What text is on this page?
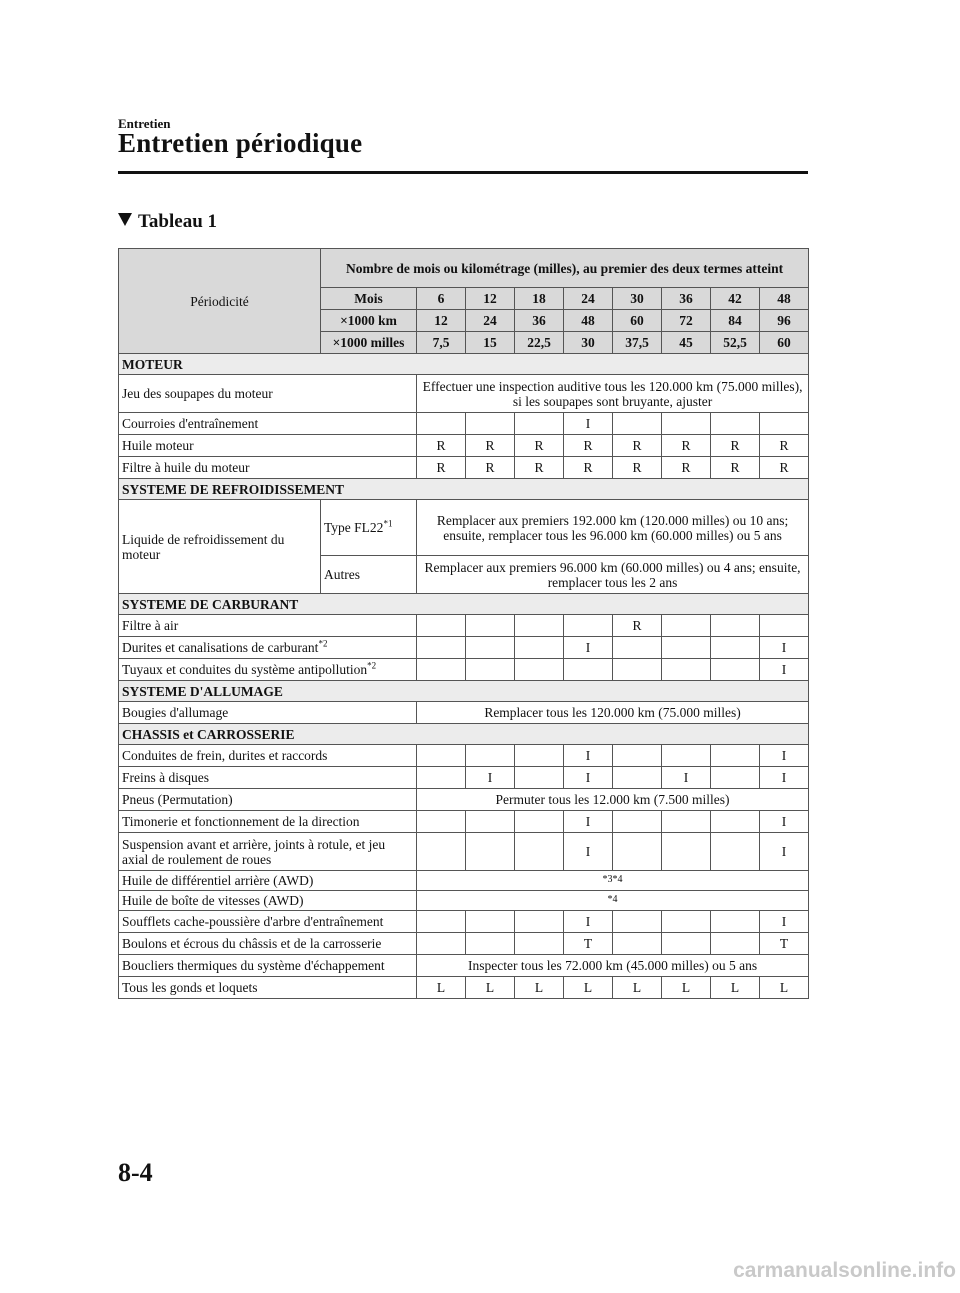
Entretien
Entretien périodique
Tableau 1
Périodicité	Nombre de mois ou kilométrage (milles), au premier des deux termes atteint								
	Mois	6	12	18	24	30	36	42	48
	×1000 km	12	24	36	48	60	72	84	96
	×1000 milles	7,5	15	22,5	30	37,5	45	52,5	60
MOTEUR									
Jeu des soupapes du moteur		Effectuer une inspection auditive tous les 120.000 km (75.000 milles), si les soupapes sont bruyante, ajuster							
Courroies d'entraînement					I				
Huile moteur		R	R	R	R	R	R	R	R
Filtre à huile du moteur		R	R	R	R	R	R	R	R
SYSTEME DE REFROIDISSEMENT									
Liquide de refroidissement du moteur	Type FL22$^{*1}$	Remplacer aux premiers 192.000 km (120.000 milles) ou 10 ans; ensuite, remplacer tous les 96.000 km (60.000 milles) ou 5 ans							
	Autres	Remplacer aux premiers 96.000 km (60.000 milles) ou 4 ans; ensuite, remplacer tous les 2 ans							
SYSTEME DE CARBURANT									
Filtre à air						R			
Durites et canalisations de carburant$^{*2}$					I				I
Tuyaux et conduites du système antipollution$^{*2}$									I
SYSTEME D'ALLUMAGE									
Bougies d'allumage		Remplacer tous les 120.000 km (75.000 milles)							
CHASSIS et CARROSSERIE									
Conduites de frein, durites et raccords					I				I
Freins à disques			I		I		I		I
Pneus (Permutation)		Permuter tous les 12.000 km (7.500 milles)							
Timonerie et fonctionnement de la direction					I				I
Suspension avant et arrière, joints à rotule, et jeu axial de roulement de roues					I				I
Huile de différentiel arrière (AWD)		*3*4							
Huile de boîte de vitesses (AWD)		*4							
Soufflets cache-poussière d'arbre d'entraînement					I				I
Boulons et écrous du châssis et de la carrosserie					T				T
Boucliers thermiques du système d'échappement		Inspecter tous les 72.000 km (45.000 milles) ou 5 ans							
Tous les gonds et loquets		L	L	L	L	L	L	L	L
8-4
carmanualsonline.info
